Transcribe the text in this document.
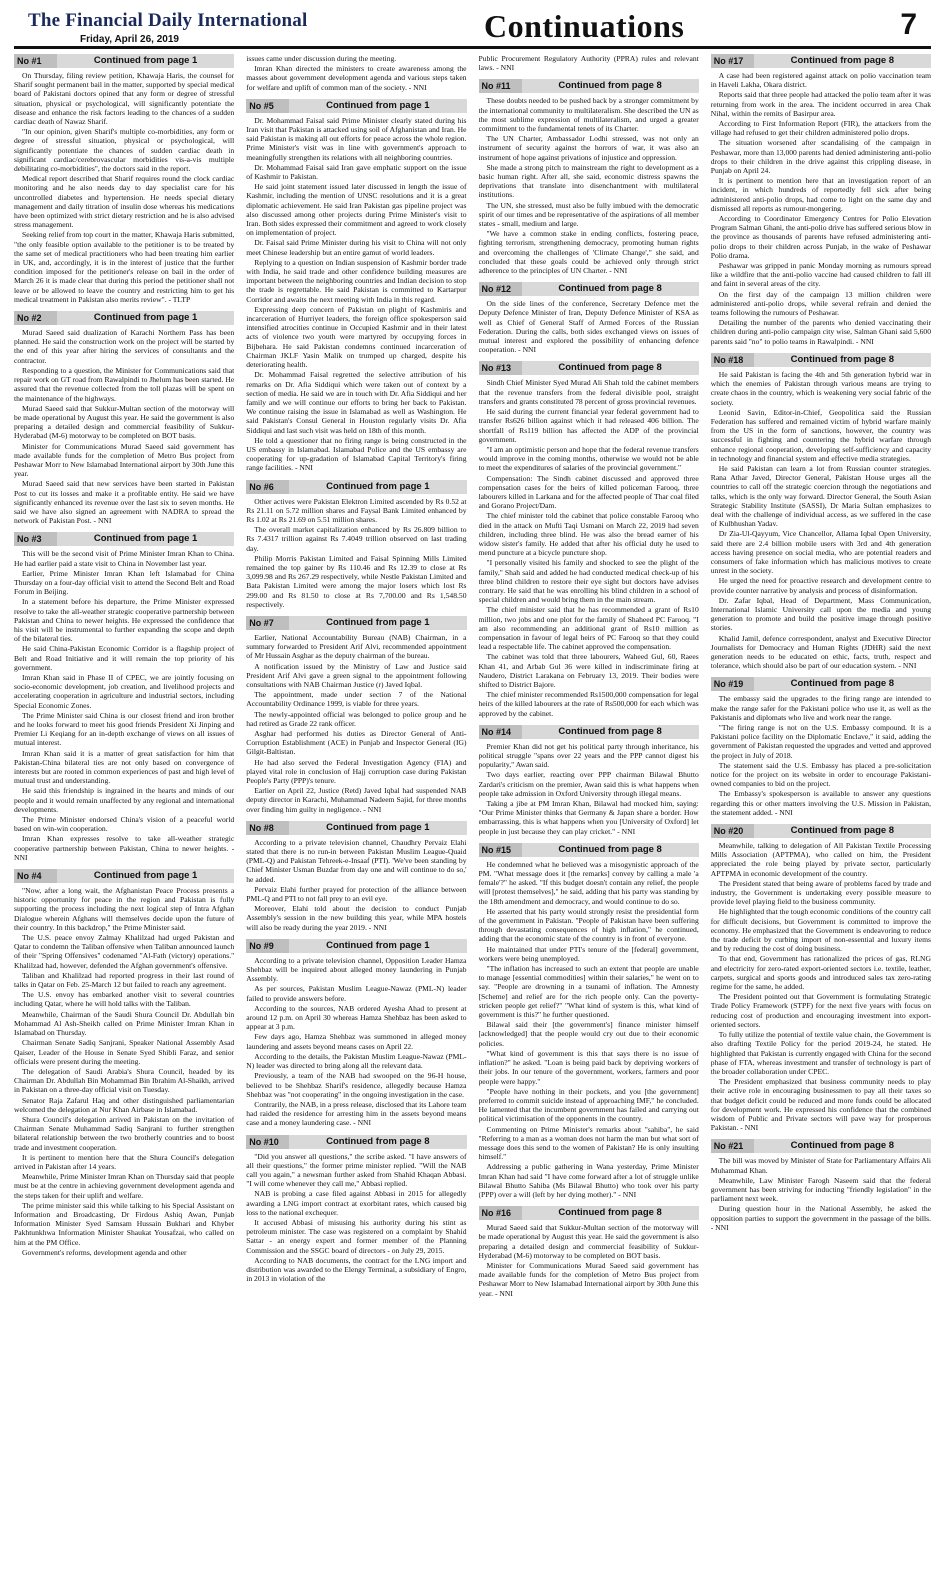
The Financial Daily International
Friday, April 26, 2019	Continuations	7
No #1	Continued from page 1

On Thursday, filing review petition, Khawaja Haris, the counsel for Sharif sought permanent bail in the matter, supported by special medical board of Pakistani doctors opined that any form or degree of stressful situation, physical or psychological, will significantly potentiate the disease and enhance the risk factors leading to the chances of a sudden cardiac death of Nawaz Sharif.

"In our opinion, given Sharif's multiple co-morbidities, any form or degree of stressful situation, physical or psychological, will significantly potentiate the chances of sudden cardiac death in significant cardiac/cerebrovascular morbidities vis-a-vis multiple debilitating co-morbidities", the doctors said in the report.

Medical report described that Sharif requires round the clock cardiac monitoring and he also needs day to day specialist care for his uncontrolled diabetes and hypertension. He needs special dietary management and daily titration of insulin dose whereas his medications have been optimized with strict dietary restriction and he is also advised stress management.

Seeking relief from top court in the matter, Khawaja Haris submitted, "the only feasible option available to the petitioner is to be treated by the same set of medical practitioners who had been treating him earlier in UK, and, accordingly, it is in the interest of justice that the further condition imposed for the petitioner's release on bail in the order of March 26 it is made clear that during this period the petitioner shall not leave or be allowed to leave the country and restricting him to get his medical treatment in Pakistan also merits review". - TLTP

No #2	Continued from page 1

Murad Saeed said dualization of Karachi Northern Pass has been planned. He said the construction work on the project will be started by the end of this year after hiring the services of consultants and the contractor.

Responding to a question, the Minister for Communications said that repair work on GT road from Rawalpindi to Jhelum has been started. He assured that the revenue collected from the toll plazas will be spent on the maintenance of the highways.

Murad Saeed said that Sukkur-Multan section of the motorway will be made operational by August this year. He said the government is also preparing a detailed design and commercial feasibility of Sukkur-Hyderabad (M-6) motorway to be completed on BOT basis.

Minister for Communications Murad Saeed said government has made available funds for the completion of Metro Bus project from Peshawar Morr to New Islamabad International airport by 30th June this year.

Murad Saeed said that new services have been started in Pakistan Post to cut its losses and make it a profitable entity. He said we have significantly enhanced its revenue over the last six to seven months. He said we have also signed an agreement with NADRA to spread the network of Pakistan Post. - NNI

No #3	Continued from page 1

This will be the second visit of Prime Minister Imran Khan to China. He had earlier paid a state visit to China in November last year.

Earlier, Prime Minister Imran Khan left Islamabad for China Thursday on a four-day official visit to attend the Second Belt and Road Forum in Beijing.

In a statement before his departure, the Prime Minister expressed resolve to take the all-weather strategic cooperative partnership between Pakistan and China to newer heights. He expressed the confidence that his visit will be instrumental to further expanding the scope and depth of the bilateral ties.

He said China-Pakistan Economic Corridor is a flagship project of Belt and Road Initiative and it will remain the top priority of his government.

Imran Khan said in Phase II of CPEC, we are jointly focusing on socio-economic development, job creation, and livelihood projects and accelerating cooperation in agriculture and industrial sectors, including Special Economic Zones.

The Prime Minister said China is our closest friend and iron brother and he looks forward to meet his good friends President Xi Jinping and Premier Li Keqiang for an in-depth exchange of views on all issues of mutual interest.

Imran Khan said it is a matter of great satisfaction for him that Pakistan-China bilateral ties are not only based on convergence of interests but are rooted in common experiences of past and high level of mutual trust and understanding.

He said this friendship is ingrained in the hearts and minds of our people and it would remain unaffected by any regional and international developments.

The Prime Minister endorsed China's vision of a peaceful world based on win-win cooperation.

Imran Khan expresses resolve to take all-weather strategic cooperative partnership between Pakistan, China to newer heights. - NNI

No #4	Continued from page 1

"Now, after a long wait, the Afghanistan Peace Process presents a historic opportunity for peace in the region and Pakistan is fully supporting the process including the next logical step of Intra Afghan Dialogue wherein Afghans will themselves decide upon the future of their country. In this backdrop," the Prime Minister said.

The U.S. peace envoy Zalmay Khalilzad had urged Pakistan and Qatar to condemn the Taliban offensive when Taliban announced launch of their "Spring Offensives" codenamed "Al-Fath (victory) operations." Khalilzad had, however, defended the Afghan government's offensive.

Taliban and Khalilzad had reported progress in their last round of talks in Qatar on Feb. 25-March 12 but failed to reach any agreement.

The U.S. envoy has embarked another visit to several countries including Qatar, where he will hold talks with the Taliban.

Meanwhile, Chairman of the Saudi Shura Council Dr. Abdullah bin Mohammad Al Ash-Sheikh called on Prime Minister Imran Khan in Islamabad on Thursday.

Chairman Senate Sadiq Sanjrani, Speaker National Assembly Asad Qaiser, Leader of the House in Senate Syed Shibli Faraz, and senior officials were present during the meeting.

The delegation of Saudi Arabia's Shura Council, headed by its Chairman Dr. Abdullah Bin Mohammad Bin Ibrahim Al-Shaikh, arrived in Pakistan on a three-day official visit on Tuesday.

Senator Raja Zafarul Haq and other distinguished parliamentarian welcomed the delegation at Nur Khan Airbase in Islamabad.

Shura Council's delegation arrived in Pakistan on the invitation of Chairman Senate Muhammad Sadiq Sanjrani to further strengthen bilateral relationship between the two brotherly countries and to boost trade and investment cooperation.

It is pertinent to mention here that the Shura Council's delegation arrived in Pakistan after 14 years.

Meanwhile, Prime Minister Imran Khan on Thursday said that people must be at the centre in achieving government development agenda and the steps taken for their uplift and welfare.

The prime minister said this while talking to his Special Assistant on Information and Broadcasting, Dr Firdous Ashiq Awan, Punjab Information Minister Syed Samsam Hussain Bukhari and Khyber Pakhtunkhwa Information Minister Shaukat Yousafzai, who called on him at the PM Office.

Government's reforms, development agenda and other

issues came under discussion during the meeting.

Imran Khan directed the ministers to create awareness among the masses about government development agenda and various steps taken for welfare and uplift of common man of the society. - NNI

No #5	Continued from page 1

Dr. Mohammad Faisal said Prime Minister clearly stated during his Iran visit that Pakistan is attacked using soil of Afghanistan and Iran. He said Pakistan is making all out efforts for peace across the whole region. Prime Minister's visit was in line with government's approach to meaningfully strengthen its relations with all neighboring countries.

Dr. Mohammad Faisal said Iran gave emphatic support on the issue of Kashmir to Pakistan.

He said joint statement issued later discussed in length the issue of Kashmir, including the mention of UNSC resolutions and it is a great diplomatic achievement. He said Iran Pakistan gas pipeline project was also discussed among other projects during Prime Minister's visit to Iran. Both sides expressed their commitment and agreed to work closely on implementation of project.

Dr. Faisal said Prime Minister during his visit to China will not only meet Chinese leadership but an entire gamut of world leaders.

Replying to a question on Indian suspension of Kashmir border trade with India, he said trade and other confidence building measures are important between the neighboring countries and Indian decision to stop the trade is regrettable. He said Pakistan is committed to Kartarpur Corridor and awaits the next meeting with India in this regard.

Expressing deep concern of Pakistan on plight of Kashmiris and incarceration of Hurriyet leaders, the foreign office spokesperson said intensified atrocities continue in Occupied Kashmir and in their latest acts of violence two youth were martyred by occupying forces in Bijbehara. He said Pakistan condemns continued incarceration of Chairman JKLF Yasin Malik on trumped up charged, despite his deteriorating health.

Dr. Mohammad Faisal regretted the selective attribution of his remarks on Dr. Afia Siddiqui which were taken out of context by a section of media. He said we are in touch with Dr. Afia Siddiqui and her family and we will continue our efforts to bring her back to Pakistan. We continue raising the issue in Islamabad as well as Washington. He said Pakistan's Consul General in Houston regularly visits Dr. Afia Siddiqui and last such visit was held on 18th of this month.

He told a questioner that no firing range is being constructed in the US embassy in Islamabad. Islamabad Police and the US embassy are cooperating for up-gradation of Islamabad Capital Territory's firing range facilities. - NNI

No #6	Continued from page 1

Other actives were Pakistan Elektron Limited ascended by Rs 0.52 at Rs 21.11 on 5.72 million shares and Faysal Bank Limited enhanced by Rs 1.02 at Rs 21.69 on 5.51 million shares.

The overall market capitalization enhanced by Rs 26.809 billion to Rs 7.4317 trillion against Rs 7.4049 trillion observed on last trading day.

Philip Morris Pakistan Limited and Faisal Spinning Mills Limited remained the top gainer by Rs 110.46 and Rs 12.39 to close at Rs 3,099.98 and Rs 267.29 respectively, while Nestle Pakistan Limited and Bata Pakistan Limited were among the major losers which lost Rs 299.00 and Rs 81.50 to close at Rs 7,700.00 and Rs 1,548.50 respectively.

No #7	Continued from page 1

Earlier, National Accountability Bureau (NAB) Chairman, in a summary forwarded to President Arif Alvi, recommended appointment of Mr Hussain Asghar as the deputy chairman of the bureau.

A notification issued by the Ministry of Law and Justice said President Arif Alvi gave a green signal to the appointment following consultations with NAB Chairman Justice (r) Javed Iqbal.

The appointment, made under section 7 of the National Accountability Ordinance 1999, is viable for three years.

The newly-appointed official was belonged to police group and he had retired as Grade 22 rank officer.

Asghar had performed his duties as Director General of Anti-Corruption Establishment (ACE) in Punjab and Inspector General (IG) Gilgit-Baltistan.

He had also served the Federal Investigation Agency (FIA) and played vital role in conclusion of Hajj corruption case during Pakistan People's Party (PPP)'s tenure.

Earlier on April 22, Justice (Retd) Javed Iqbal had suspended NAB deputy director in Karachi, Muhammad Nadeem Sajid, for three months over finding him guilty in negligence. - NNI

No #8	Continued from page 1

According to a private television channel, Chaudhry Pervaiz Elahi stated that there is no run-in between Pakistan Muslim League-Quaid (PML-Q) and Pakistan Tehreek-e-Insaaf (PTI). 'We've been standing by Chief Minister Usman Buzdar from day one and will continue to do so,' he added.

Pervaiz Elahi further prayed for protection of the alliance between PML-Q and PTI to not fall prey to an evil eye.

Moreover, Elahi told about the decision to conduct Punjab Assembly's session in the new building this year, while MPA hostels will also be ready during the year 2019. - NNI

No #9	Continued from page 1

According to a private television channel, Opposition Leader Hamza Shehbaz will be inquired about alleged money laundering in Punjab Assembly.

As per sources, Pakistan Muslim League-Nawaz (PML-N) leader failed to provide answers before.

According to the sources, NAB ordered Ayesha Ahad to present at around 12 p.m. on April 30 whereas Hamza Shehbaz has been asked to appear at 3 p.m.

Few days ago, Hamza Shehbaz was summoned in alleged money laundering and assets beyond means cases on April 22.

According to the details, the Pakistan Muslim League-Nawaz (PML-N) leader was directed to bring along all the relevant data.

Previously, a team of the NAB had swooped on the 96-H house, believed to be Shehbaz Sharif's residence, allegedly because Hamza Shehbaz was "not cooperating" in the ongoing investigation in the case.

Contrarily, the NAB, in a press release, disclosed that its Lahore team had raided the residence for arresting him in the assets beyond means case and a money laundering case. - NNI

No #10	Continued from page 8

"Did you answer all questions," the scribe asked. "I have answers of all their questions," the former prime minister replied. "Will the NAB call you again," a newsman further asked from Shahid Khaqan Abbasi. "I will come whenever they call me," Abbasi replied.

NAB is probing a case filed against Abbasi in 2015 for allegedly awarding a LNG import contract at exorbitant rates, which caused big loss to the national exchequer.

It accused Abbasi of misusing his authority during his stint as petroleum minister. The case was registered on a complaint by Shahid Sattar - an energy expert and former member of the Planning Commission and the SSGC board of directors - on July 29, 2015.

According to NAB documents, the contract for the LNG import and distribution was awarded to the Elengy Terminal, a subsidiary of Engro, in 2013 in violation of the

Public Procurement Regulatory Authority (PPRA) rules and relevant laws. - NNI

No #11	Continued from page 8

These doubts needed to be pushed back by a stronger commitment by the international community to multilateralism. She described the UN as the most sublime expression of multilateralism, and urged a greater commitment to the fundamental tenets of its Charter.

The UN Charter, Ambassador Lodhi stressed, was not only an instrument of security against the horrors of war, it was also an instrument of hope against privations of injustice and oppression.

She made a strong pitch to mainstream the right to development as a basic human right. After all, she said, economic distress spawns the deprivations that translate into disenchantment with multilateral institutions.

The UN, she stressed, must also be fully imbued with the democratic spirit of our times and be representative of the aspirations of all member states - small, medium and large.

"We have a common stake in ending conflicts, fostering peace, fighting terrorism, strengthening democracy, promoting human rights and overcoming the challenges of 'Climate Change'," she said, and concluded that these goals could be achieved only through strict adherence to the principles of UN Charter. - NNI

No #12	Continued from page 8

On the side lines of the conference, Secretary Defence met the Deputy Defence Minister of Iran, Deputy Defence Minister of KSA as well as Chief of General Staff of Armed Forces of the Russian Federation. During the calls, both sides exchanged views on issues of mutual interest and explored the possibility of enhancing defence cooperation. - NNI

No #13	Continued from page 8

Sindh Chief Minister Syed Murad Ali Shah told the cabinet members that the revenue transfers from the federal divisible pool, straight transfers and grants constituted 78 percent of gross provincial revenues.

He said during the current financial year federal government had to transfer Rs626 billion against which it had released 406 billion. The shortfall of Rs119 billion has affected the ADP of the provincial government.

"I am an optimistic person and hope that the federal revenue transfers would improve in the coming months, otherwise we would not be able to meet the expenditures of salaries of the provincial government."

Compensation: The Sindh cabinet discussed and approved three compensation cases for the heirs of killed policeman Farooq, three labourers killed in Larkana and for the affected people of Thar coal filed and Gorano Project/Dam.

The chief minister told the cabinet that police constable Farooq who died in the attack on Mufti Taqi Usmani on March 22, 2019 had seven children, including three blind. He was also the bread earner of his widow sister's family. He added that after his official duty he used to mend puncture at a bicycle puncture shop.

"I personally visited his family and shocked to see the plight of the family," Shah said and added he had conducted medical check-up of his three blind children to restore their eye sight but doctors have advises contrary. He said that he was enrolling his blind children in a school of special children and would bring them in the main stream.

The chief minister said that he has recommended a grant of Rs10 million, two jobs and one plot for the family of Shaheed PC Farooq. "I am also recommending an additional grant of Rs10 million as compensation in favour of legal heirs of PC Farooq so that they could lead a respectable life. The cabinet approved the compensation.

The cabinet was told that three labourers, Waheed Gul, 60, Raees Khan 41, and Arbab Gul 36 were killed in indiscriminate firing at Naudero, District Larakana on February 13, 2019. Their bodies were shifted to District Bajore.

The chief minister recommended Rs1500,000 compensation for legal heirs of the killed labourers at the rate of Rs500,000 for each which was approved by the cabinet.

No #14	Continued from page 8

Premier Khan did not get his political party through inheritance, his political struggle "spans over 22 years and the PPP cannot digest his popularity," Awan said.

Two days earlier, reacting over PPP chairman Bilawal Bhutto Zardari's criticism on the premier, Awan said this is what happens when people take admission in Oxford University through illegal means.

Taking a jibe at PM Imran Khan, Bilawal had mocked him, saying: "Our Prime Minister thinks that Germany & Japan share a border. How embarrassing, this is what happens when you [University of Oxford] let people in just because they can play cricket." - NNI

No #15	Continued from page 8

He condemned what he believed was a misogynistic approach of the PM. "What message does it [the remarks] convey by calling a male 'a female'?" he asked. "If this budget doesn't contain any relief, the people will [protest themselves]," he said, adding that his party was standing by the 18th amendment and democracy, and would continue to do so.

He asserted that his party would strongly resist the presidential form of the government in Pakistan. "People of Pakistan have been suffering through devastating consequences of high inflation," he continued, adding that the economic state of the country is in front of everyone.

He maintained that under PTI's tenure of the [federal] government, workers were being unemployed.

"The inflation has increased to such an extent that people are unable to manage [essential commodities] within their salaries," he went on to say. "People are drowning in a tsunami of inflation. The Amnesty [Scheme] and relief are for the rich people only. Can the poverty-stricken people get relief?" "What kind of system is this, what kind of government is this?" he further questioned.

Bilawal said their [the government's] finance minister himself [acknowledged] that the people would cry out due to their economic policies.

"What kind of government is this that says there is no issue of inflation?" he asked. "Loan is being paid back by depriving workers of their jobs. In our tenure of the government, workers, farmers and poor people were happy."

"People have nothing in their pockets, and you [the government] preferred to commit suicide instead of approaching IMF," he concluded. He lamented that the incumbent government has failed and carrying out political victimisation of the opponents in the country.

Commenting on Prime Minister's remarks about "sahiba", he said "Referring to a man as a woman does not harm the man but what sort of message does this send to the women of Pakistan? He is only insulting himself."

Addressing a public gathering in Wana yesterday, Prime Minister Imran Khan had said "I have come forward after a lot of struggle unlike Bilawal Bhutto Sahiba (Ms Bilawal Bhutto) who took over his party (PPP) over a will (left by her dying mother)." - NNI

No #16	Continued from page 8

Murad Saeed said that Sukkur-Multan section of the motorway will be made operational by August this year. He said the government is also preparing a detailed design and commercial feasibility of Sukkur-Hyderabad (M-6) motorway to be completed on BOT basis.

Minister for Communications Murad Saeed said government has made available funds for the completion of Metro Bus project from Peshawar Morr to New Islamabad International airport by 30th June this year. - NNI

No #17	Continued from page 8

A case had been registered against attack on polio vaccination team in Haveli Lakha, Okara district.

Reports said that three people had attacked the polio team after it was returning from work in the area. The incident occurred in area Chak Nihal, within the remits of Basirpur area.

According to First Information Report (FIR), the attackers from the village had refused to get their children administered polio drops.

The situation worsened after scandalising of the campaign in Peshawar, more than 13,000 parents had denied administering anti-polio drops to their children in the drive against this crippling disease, in Punjab on April 24.

It is pertinent to mention here that an investigation report of an incident, in which hundreds of reportedly fell sick after being administered anti-polio drops, had come to light on the same day and dismissed all reports as rumour-mongering.

According to Coordinator Emergency Centres for Polio Elevation Program Salman Ghani, the anti-polio drive has suffered serious blow in the province as thousands of parents have refused administering anti-polio drops to their children across Punjab, in the wake of Peshawar Polio drama.

Peshawar was gripped in panic Monday morning as rumours spread like a wildfire that the anti-polio vaccine had caused children to fall ill and faint in several areas of the city.

On the first day of the campaign 13 million children were administered anti-polio drops, while several refrain and denied the teams following the rumours of Peshawar.

Detailing the number of the parents who denied vaccinating their children during anti-polio campaign city wise, Salman Ghani said 5,600 parents said "no" to polio teams in Rawalpindi. - NNI

No #18	Continued from page 8

He said Pakistan is facing the 4th and 5th generation hybrid war in which the enemies of Pakistan through various means are trying to create chaos in the country, which is weakening very social fabric of the society.

Leonid Savin, Editor-in-Chief, Geopolitica said the Russian Federation has suffered and remained victim of hybrid warfare mainly from the US in the form of sanctions, however, the country was successful in fighting and countering the hybrid warfare through enhance regional cooperation, developing self-sufficiency and capacity in technology and financial system and effective media strategies.

He said Pakistan can learn a lot from Russian counter strategies. Rana Athar Javed, Director General, Pakistan House urges all the countries to call off the strategic coercion through the negotiations and talks, which is the only way forward. Director General, the South Asian Strategic Stability Institute (SASSI), Dr Maria Sultan emphasizes to deal with the challenge of individual access, as we suffered in the case of Kulbhushan Yadav.

Dr Zia-Ul-Qayyum, Vice Chancellor, Allama Iqbal Open University, said there are 2.4 billion mobile users with 3rd and 4th generation access having presence on social media, who are potential readers and consumers of fake information which has malicious motives to create unrest in the society.

He urged the need for proactive research and development centre to provide counter narrative by analysis and process of disinformation.

Dr. Zafar Iqbal, Head of Department, Mass Communication, International Islamic University call upon the media and young generation to promote and build the positive image through positive stories.

Khalid Jamil, defence correspondent, analyst and Executive Director Journalists for Democracy and Human Rights (JDHR) said the next generation needs to be educated on ethic, facts, truth, respect and tolerance, which should also be part of our education system. - NNI

No #19	Continued from page 8

The embassy said the upgrades to the firing range are intended to make the range safer for the Pakistani police who use it, as well as the Pakistanis and diplomats who live and work near the range.

"The firing range is not on the U.S. Embassy compound. It is a Pakistani police facility on the Diplomatic Enclave," it said, adding the government of Pakistan requested the upgrades and vetted and approved the project in July of 2018.

The statement said the U.S. Embassy has placed a pre-solicitation notice for the project on its website in order to encourage Pakistani-owned companies to bid on the project.

The Embassy's spokesperson is available to answer any questions regarding this or other matters involving the U.S. Mission in Pakistan, the statement added. - NNI

No #20	Continued from page 8

Meanwhile, talking to delegation of All Pakistan Textile Processing Mills Association (APTPMA), who called on him, the President appreciated the role being played by private sector, particularly APTPMA in economic development of the country.

The President stated that being aware of problems faced by trade and industry, the Government is undertaking every possible measure to provide level playing field to the business community.

He highlighted that the tough economic conditions of the country call for difficult decisions, but Government is committed to improve the economy. He emphasized that the Government is endeavoring to reduce the trade deficit by curbing import of non-essential and luxury items and by reducing the cost of doing business.

To that end, Government has rationalized the prices of gas, RLNG and electricity for zero-rated export-oriented sectors i.e. textile, leather, carpets, surgical and sports goods and introduced sales tax zero-rating regime for the same, he added.

The President pointed out that Government is formulating Strategic Trade Policy Framework (STPF) for the next five years with focus on reducing cost of production and encouraging investment into export-oriented sectors.

To fully utilize the potential of textile value chain, the Government is also drafting Textile Policy for the period 2019-24, he stated. He highlighted that Pakistan is currently engaged with China for the second phase of FTA, whereas investment and transfer of technology is part of the broader collaboration under CPEC.

The President emphasized that business community needs to play their active role in encouraging businessmen to pay all their taxes so that budget deficit could be reduced and more funds could be allocated for development work. He expressed his confidence that the combined wisdom of Public and Private sectors will pave way for prosperous Pakistan. - NNI

No #21	Continued from page 8

The bill was moved by Minister of State for Parliamentary Affairs Ali Muhammad Khan.

Meanwhile, Law Minister Farogh Naseem said that the federal government has been striving for inducting "friendly legislation" in the parliament next week.

During question hour in the National Assembly, he asked the opposition parties to support the government in the passage of the bills. - NNI
